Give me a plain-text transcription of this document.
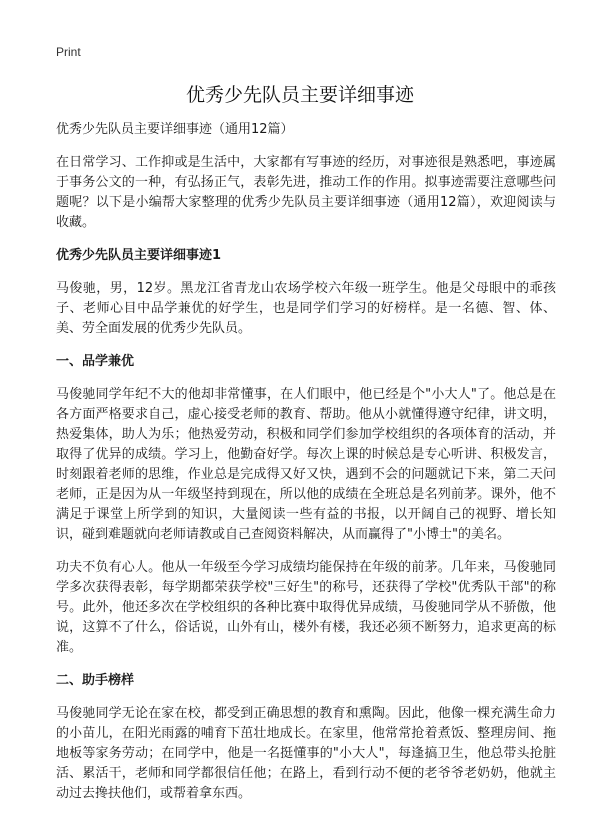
Print
优秀少先队员主要详细事迹
优秀少先队员主要详细事迹（通用12篇）

在日常学习、工作抑或是生活中，大家都有写事迹的经历，对事迹很是熟悉吧，事迹属于事务公文的一种，有弘扬正气，表彰先进，推动工作的作用。拟事迹需要注意哪些问题呢？以下是小编帮大家整理的优秀少先队员主要详细事迹（通用12篇），欢迎阅读与收藏。

优秀少先队员主要详细事迹1

马俊驰，男，12岁。黑龙江省青龙山农场学校六年级一班学生。他是父母眼中的乖孩子、老师心目中品学兼优的好学生，也是同学们学习的好榜样。是一名德、智、体、美、劳全面发展的优秀少先队员。

一、品学兼优

马俊驰同学年纪不大的他却非常懂事，在人们眼中，他已经是个"小大人"了。他总是在各方面严格要求自己，虚心接受老师的教育、帮助。他从小就懂得遵守纪律，讲文明，热爱集体，助人为乐；他热爱劳动，积极和同学们参加学校组织的各项体育的活动，并取得了优异的成绩。学习上，他勤奋好学。每次上课的时候总是专心听讲、积极发言，时刻跟着老师的思维，作业总是完成得又好又快，遇到不会的问题就记下来，第二天问老师，正是因为从一年级坚持到现在，所以他的成绩在全班总是名列前茅。课外，他不满足于课堂上所学到的知识，大量阅读一些有益的书报，以开阔自己的视野、增长知识，碰到难题就向老师请教或自己查阅资料解决，从而赢得了"小博士"的美名。

功夫不负有心人。他从一年级至今学习成绩均能保持在年级的前茅。几年来，马俊驰同学多次获得表彰，每学期都荣获学校"三好生"的称号，还获得了学校"优秀队干部"的称号。此外，他还多次在学校组织的各种比赛中取得优异成绩，马俊驰同学从不骄傲，他说，这算不了什么，俗话说，山外有山，楼外有楼，我还必须不断努力，追求更高的标准。

二、助手榜样

马俊驰同学无论在家在校，都受到正确思想的教育和熏陶。因此，他像一棵充满生命力的小苗儿，在阳光雨露的哺育下茁壮地成长。在家里，他常常抢着煮饭、整理房间、拖地板等家务劳动；在同学中，他是一名挺懂事的"小大人"，每逢搞卫生，他总带头抢脏活、累活干，老师和同学都很信任他；在路上，看到行动不便的老爷爷老奶奶，他就主动过去搀扶他们，或帮着拿东西。
